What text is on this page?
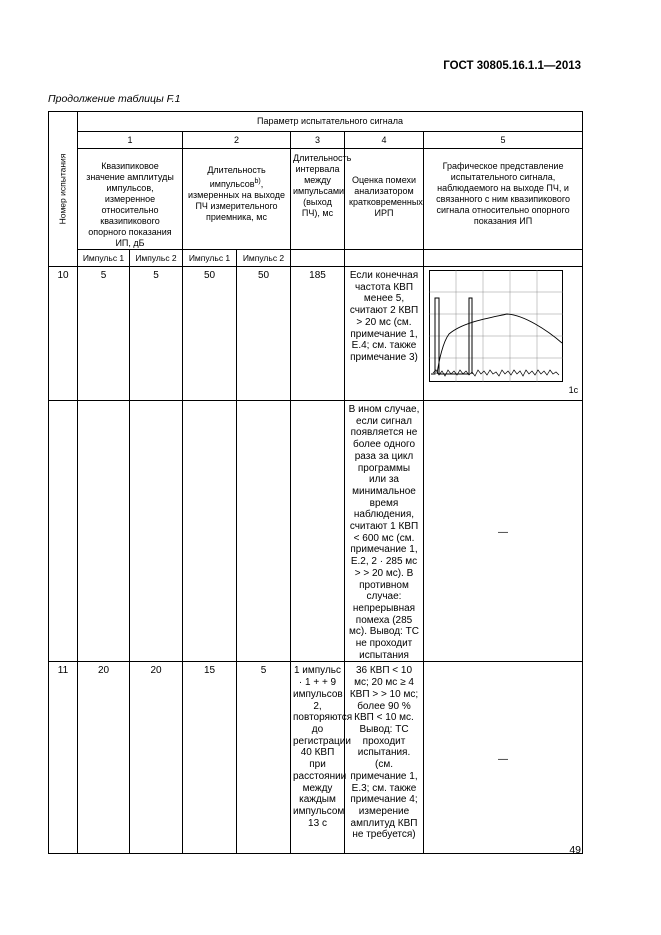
ГОСТ 30805.16.1.1—2013
Продолжение таблицы F.1
Номер испытания	Параметр испытательного сигнала						
	1		2		3	4	5
	Квазипиковое значение амплитуды импульсов, измеренное относительно квазипикового опорного показания ИП, дБ		Длительность импульсов$^{b)}$, измеренных на выходе ПЧ измерительного приемника, мс		Длительность интервала между импульсами (выход ПЧ), мс	Оценка помехи анализатором кратковременных ИРП	Графическое представление испытательного сигнала, наблюдаемого на выходе ПЧ, и связанного с ним квазипикового сигнала относительно опорного показания ИП
	Импульс 1	Импульс 2	Импульс 1	Импульс 2			
10	5	5	50	50	185	Если конечная частота КВП менее 5, считают 2 КВП > 20 мс (см. примечание 1, Е.4; см. также примечание 3)	1с

						В ином случае, если сигнал появляется не более одного раза за цикл программы или за минимальное время наблюдения, считают 1 КВП < 600 мс (см. примечание 1, Е.2, 2 · 285 мс > > 20 мс). В противном случае: непрерывная помеха (285 мс). Вывод: ТС не проходит испытания	—
11	20	20	15	5	1 импульс · 1 + + 9 импульсов 2, повторяются до регистрации 40 КВП при расстоянии между каждым импульсом 13 с	36 КВП < 10 мс; 20 мс ≥ 4 КВП > > 10 мс; более 90 % КВП < 10 мс. Вывод: ТС проходит испытания. (см. примечание 1, Е.3; см. также примечание 4; измерение амплитуд КВП не требуется)	—
49
